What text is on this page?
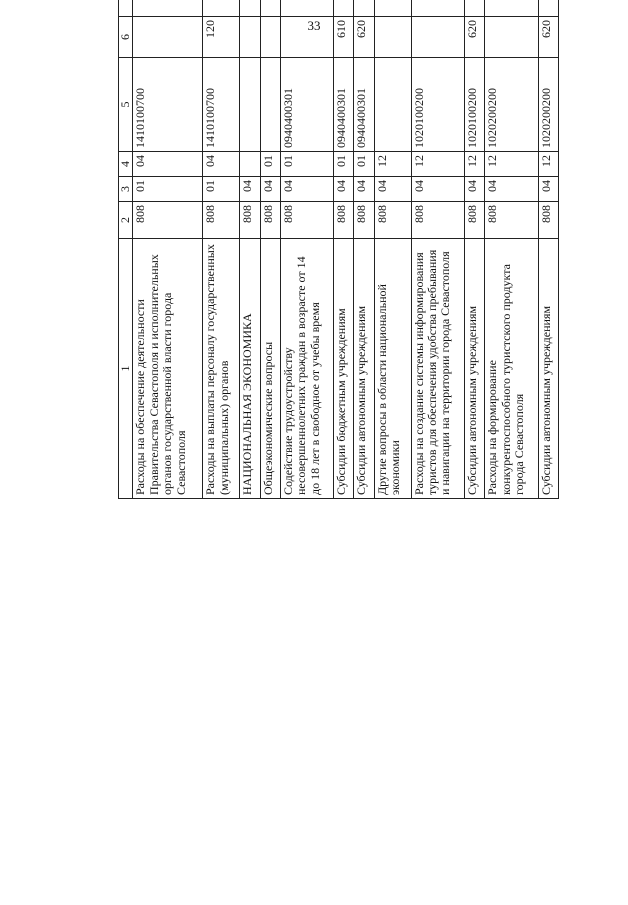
33
1	2	3	4	5	6			
Расходы на обеспечение деятельности Правительства Севастополя и исполнительных органов государственной власти города Севастополя	808	01	04	1410100700				
Расходы на выплаты персоналу государственных (муниципальных) органов	808	01	04	1410100700	120			
НАЦИОНАЛЬНАЯ ЭКОНОМИКА	808	04						
Общеэкономические вопросы	808	04	01					
Содействие трудоустройству несовершеннолетних граждан в возрасте от 14 до 18 лет в свободное от учебы время	808	04	01	0940400301				
Субсидии бюджетным учреждениям	808	04	01	0940400301	610			
Субсидии автономным учреждениям	808	04	01	0940400301	620			
Другие вопросы в области национальной экономики	808	04	12					
Расходы на создание системы информирования туристов для обеспечения удобства пребывания и навигации на территории города Севастополя	808	04	12	1020100200				
Субсидии автономным учреждениям	808	04	12	1020100200	620			
Расходы на формирование конкурентоспособного туристского продукта города Севастополя	808	04	12	1020200200				
Субсидии автономным учреждениям	808	04	12	1020200200	620			
